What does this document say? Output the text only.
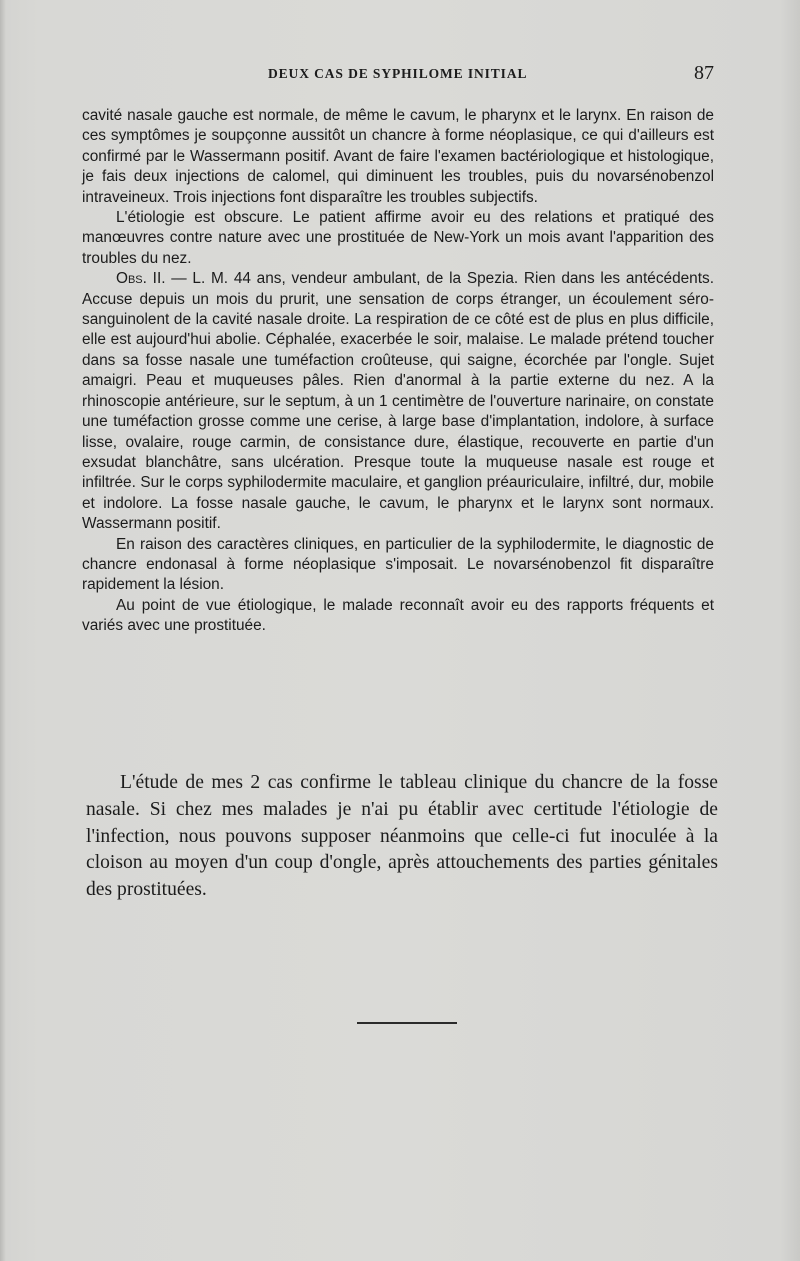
DEUX CAS DE SYPHILOME INITIAL	87

cavité nasale gauche est normale, de même le cavum, le pharynx et le larynx. En raison de ces symptômes je soupçonne aussitôt un chancre à forme néoplasique, ce qui d'ailleurs est confirmé par le Wassermann positif. Avant de faire l'examen bactériologique et histologique, je fais deux injections de calomel, qui diminuent les troubles, puis du novarsénobenzol intraveineux. Trois injections font disparaître les troubles subjectifs.

L'étiologie est obscure. Le patient affirme avoir eu des relations et pratiqué des manœuvres contre nature avec une prostituée de New-York un mois avant l'apparition des troubles du nez.

Obs. II. — L. M. 44 ans, vendeur ambulant, de la Spezia. Rien dans les antécédents. Accuse depuis un mois du prurit, une sensation de corps étranger, un écoulement séro-sanguinolent de la cavité nasale droite. La respiration de ce côté est de plus en plus difficile, elle est aujourd'hui abolie. Céphalée, exacerbée le soir, malaise. Le malade prétend toucher dans sa fosse nasale une tuméfaction croûteuse, qui saigne, écorchée par l'ongle. Sujet amaigri. Peau et muqueuses pâles. Rien d'anormal à la partie externe du nez. A la rhinoscopie antérieure, sur le septum, à un 1 centimètre de l'ouverture narinaire, on constate une tuméfaction grosse comme une cerise, à large base d'implantation, indolore, à surface lisse, ovalaire, rouge carmin, de consistance dure, élastique, recouverte en partie d'un exsudat blanchâtre, sans ulcération. Presque toute la muqueuse nasale est rouge et infiltrée. Sur le corps syphilodermite maculaire, et ganglion préauriculaire, infiltré, dur, mobile et indolore. La fosse nasale gauche, le cavum, le pharynx et le larynx sont normaux. Wassermann positif.

En raison des caractères cliniques, en particulier de la syphilodermite, le diagnostic de chancre endonasal à forme néoplasique s'imposait. Le novarsénobenzol fit disparaître rapidement la lésion.

Au point de vue étiologique, le malade reconnaît avoir eu des rapports fréquents et variés avec une prostituée.

L'étude de mes 2 cas confirme le tableau clinique du chancre de la fosse nasale. Si chez mes malades je n'ai pu établir avec certitude l'étiologie de l'infection, nous pouvons supposer néanmoins que celle-ci fut inoculée à la cloison au moyen d'un coup d'ongle, après attouchements des parties génitales des prostituées.
